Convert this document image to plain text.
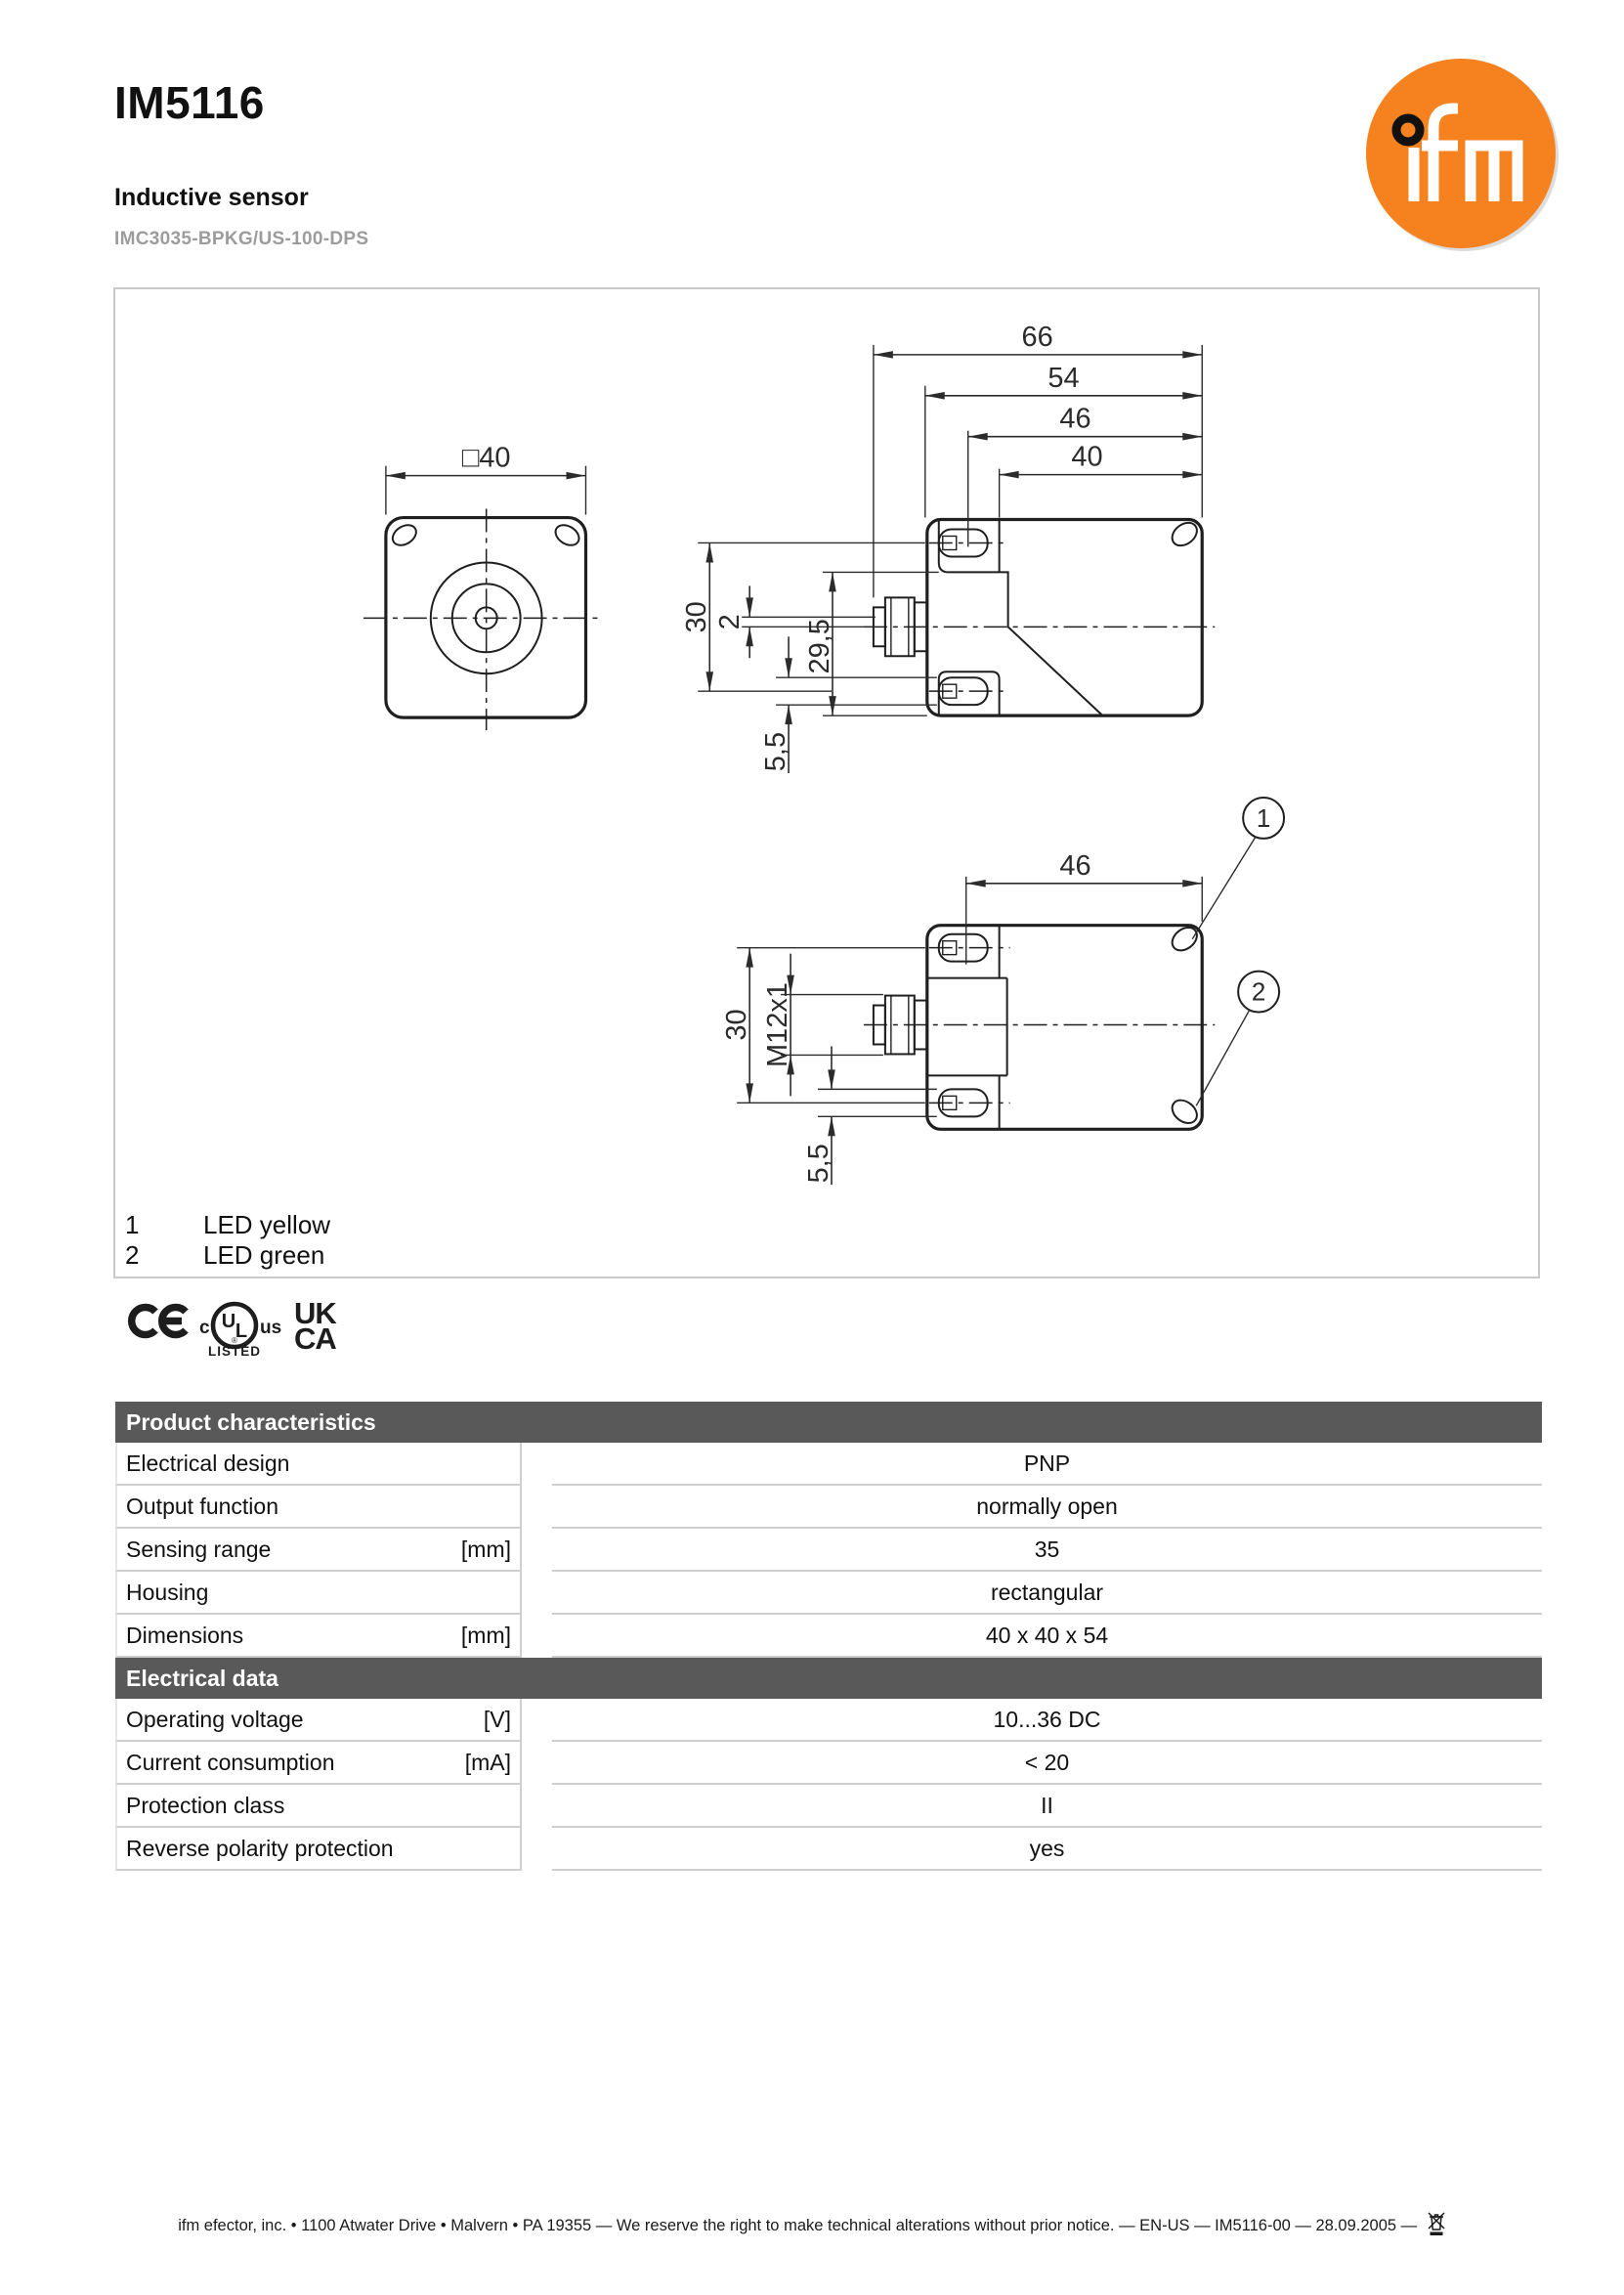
IM5116
Inductive sensor
IMC3035-BPKG/US-100-DPS
□40
66
54
46
40
30 2 29,5
5,5
46
30 M12x1
5,5
1
2
1	LED yellow
2	LED green
U L
®
c	us
LISTED
UK
CA
Product characteristics
Electrical design	PNP
Output function	normally open
Sensing range	[mm]	35
Housing	rectangular
Dimensions	[mm]	40 x 40 x 54
Electrical data
Operating voltage	[V]	10...36 DC
Current consumption	[mA]	< 20
Protection class	II
Reverse polarity protection	yes
ifm efector, inc. • 1100 Atwater Drive • Malvern • PA 19355 — We reserve the right to make technical alterations without prior notice. — EN-US — IM5116-00 — 28.09.2005 —
